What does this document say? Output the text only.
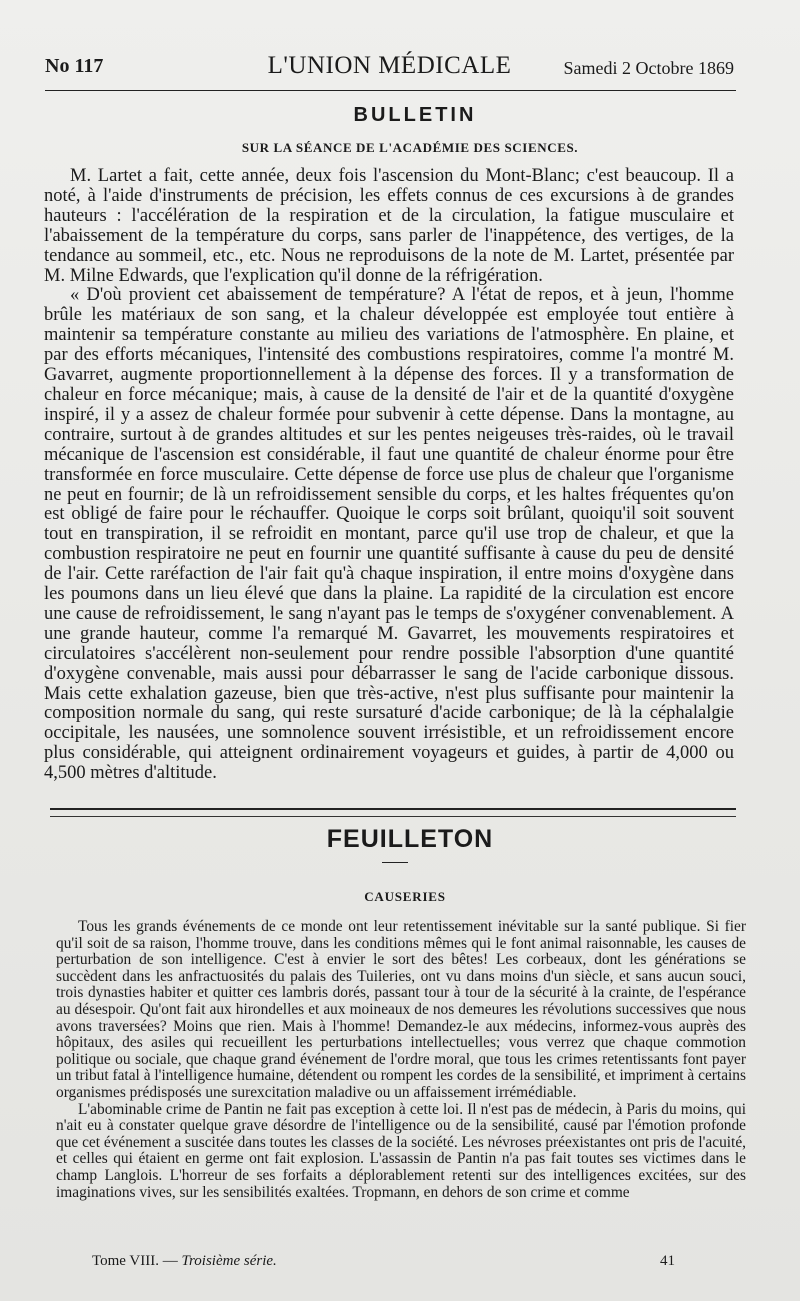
No 117	L'UNION MÉDICALE	Samedi 2 Octobre 1869
BULLETIN
SUR LA SÉANCE DE L'ACADÉMIE DES SCIENCES.

M. Lartet a fait, cette année, deux fois l'ascension du Mont-Blanc; c'est beaucoup. Il a noté, à l'aide d'instruments de précision, les effets connus de ces excursions à de grandes hauteurs : l'accélération de la respiration et de la circulation, la fatigue musculaire et l'abaissement de la température du corps, sans parler de l'inappétence, des vertiges, de la tendance au sommeil, etc., etc. Nous ne reproduisons de la note de M. Lartet, présentée par M. Milne Edwards, que l'explication qu'il donne de la réfrigération.

« D'où provient cet abaissement de température? A l'état de repos, et à jeun, l'homme brûle les matériaux de son sang, et la chaleur développée est employée tout entière à maintenir sa température constante au milieu des variations de l'atmosphère. En plaine, et par des efforts mécaniques, l'intensité des combustions respiratoires, comme l'a montré M. Gavarret, augmente proportionnellement à la dépense des forces. Il y a transformation de chaleur en force mécanique; mais, à cause de la densité de l'air et de la quantité d'oxygène inspiré, il y a assez de chaleur formée pour subvenir à cette dépense. Dans la montagne, au contraire, surtout à de grandes altitudes et sur les pentes neigeuses très-raides, où le travail mécanique de l'ascension est considérable, il faut une quantité de chaleur énorme pour être transformée en force musculaire. Cette dépense de force use plus de chaleur que l'organisme ne peut en fournir; de là un refroidissement sensible du corps, et les haltes fréquentes qu'on est obligé de faire pour le réchauffer. Quoique le corps soit brûlant, quoiqu'il soit souvent tout en transpiration, il se refroidit en montant, parce qu'il use trop de chaleur, et que la combustion respiratoire ne peut en fournir une quantité suffisante à cause du peu de densité de l'air. Cette raréfaction de l'air fait qu'à chaque inspiration, il entre moins d'oxygène dans les poumons dans un lieu élevé que dans la plaine. La rapidité de la circulation est encore une cause de refroidissement, le sang n'ayant pas le temps de s'oxygéner convenablement. A une grande hauteur, comme l'a remarqué M. Gavarret, les mouvements respiratoires et circulatoires s'accélèrent non-seulement pour rendre possible l'absorption d'une quantité d'oxygène convenable, mais aussi pour débarrasser le sang de l'acide carbonique dissous. Mais cette exhalation gazeuse, bien que très-active, n'est plus suffisante pour maintenir la composition normale du sang, qui reste sursaturé d'acide carbonique; de là la céphalalgie occipitale, les nausées, une somnolence souvent irrésistible, et un refroidissement encore plus considérable, qui atteignent ordinairement voyageurs et guides, à partir de 4,000 ou 4,500 mètres d'altitude.

FEUILLETON
CAUSERIES

Tous les grands événements de ce monde ont leur retentissement inévitable sur la santé publique. Si fier qu'il soit de sa raison, l'homme trouve, dans les conditions mêmes qui le font animal raisonnable, les causes de perturbation de son intelligence. C'est à envier le sort des bêtes! Les corbeaux, dont les générations se succèdent dans les anfractuosités du palais des Tuileries, ont vu dans moins d'un siècle, et sans aucun souci, trois dynasties habiter et quitter ces lambris dorés, passant tour à tour de la sécurité à la crainte, de l'espérance au désespoir. Qu'ont fait aux hirondelles et aux moineaux de nos demeures les révolutions successives que nous avons traversées? Moins que rien. Mais à l'homme! Demandez-le aux médecins, informez-vous auprès des hôpitaux, des asiles qui recueillent les perturbations intellectuelles; vous verrez que chaque commotion politique ou sociale, que chaque grand événement de l'ordre moral, que tous les crimes retentissants font payer un tribut fatal à l'intelligence humaine, détendent ou rompent les cordes de la sensibilité, et impriment à certains organismes prédisposés une surexcitation maladive ou un affaissement irrémédiable.

L'abominable crime de Pantin ne fait pas exception à cette loi. Il n'est pas de médecin, à Paris du moins, qui n'ait eu à constater quelque grave désordre de l'intelligence ou de la sensibilité, causé par l'émotion profonde que cet événement a suscitée dans toutes les classes de la société. Les névroses préexistantes ont pris de l'acuité, et celles qui étaient en germe ont fait explosion. L'assassin de Pantin n'a pas fait toutes ses victimes dans le champ Langlois. L'horreur de ses forfaits a déplorablement retenti sur des intelligences excitées, sur des imaginations vives, sur les sensibilités exaltées. Tropmann, en dehors de son crime et comme

Tome VIII. — Troisième série.	41
